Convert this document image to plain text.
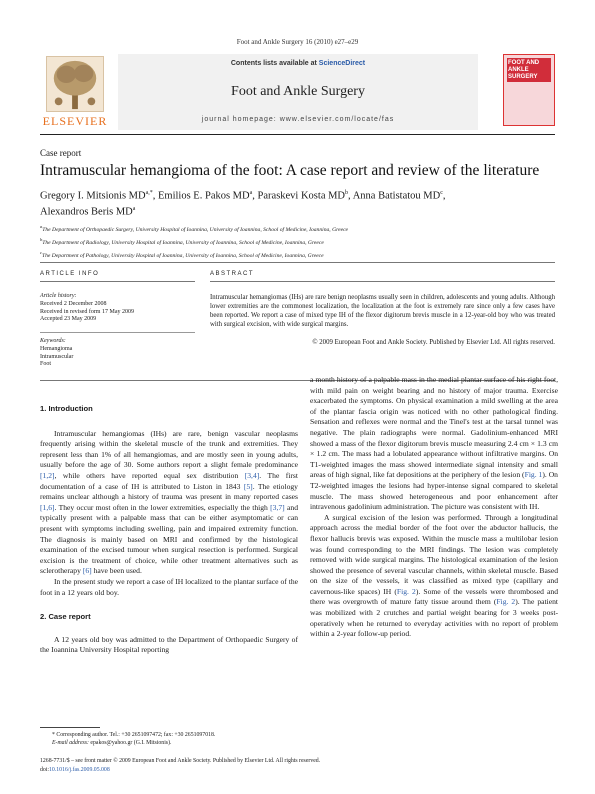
Foot and Ankle Surgery 16 (2010) e27–e29
ELSEVIER
Contents lists available at ScienceDirect
Foot and Ankle Surgery
journal homepage: www.elsevier.com/locate/fas
FOOT AND ANKLE SURGERY
Case report
Intramuscular hemangioma of the foot: A case report and review of the literature
Gregory I. Mitsionis $MD^{a,*}$, Emilios E. Pakos $MD^a$, Paraskevi Kosta $MD^b$, Anna Batistatou $MD^c$,
Alexandros Beris $MD^a$
$^a$The Department of Orthopaedic Surgery, University Hospital of Ioannina, University of Ioannina, School of Medicine, Ioannina, Greece
$^b$The Department of Radiology, University Hospital of Ioannina, University of Ioannina, School of Medicine, Ioannina, Greece
$^c$The Department of Pathology, University Hospital of Ioannina, University of Ioannina, School of Medicine, Ioannina, Greece
ARTICLE INFO	ABSTRACT
Article history:
Received 2 December 2008
Received in revised form 17 May 2009
Accepted 23 May 2009
Keywords:
Hemangioma
Intramuscular
Foot
Intramuscular hemangiomas (IHs) are rare benign neoplasms usually seen in children, adolescents and young adults. Although lower extremities are the commonest localization, the localization at the foot is extremely rare since only a few cases have been reported. We report a case of mixed type IH of the flexor digitorum brevis muscle in a 12-year-old boy who was treated with surgical excision, with wide surgical margins.
© 2009 European Foot and Ankle Society. Published by Elsevier Ltd. All rights reserved.
1. Introduction

Intramuscular hemangiomas (IHs) are rare, benign vascular neoplasms frequently arising within the skeletal muscle of the trunk and extremities. They represent less than 1% of all hemangiomas, and are mostly seen in young adults, usually before the age of 30. Some authors report a slight female predominance [1,2], while others have reported equal sex distribution [3,4]. The first documentation of a case of IH is attributed to Liston in 1843 [5]. The etiology remains unclear although a history of trauma was present in many reported cases [1,6]. They occur most often in the lower extremities, especially the thigh [3,7] and typically present with a palpable mass that can be either asymptomatic or can present with symptoms including swelling, pain and impaired extremity function. The diagnosis is mainly based on MRI and confirmed by the histological examination of the excised tumour when surgical resection is performed. Surgical excision is the treatment of choice, while other treatment alternatives such as sclerotherapy [6] have been used.

In the present study we report a case of IH localized to the plantar surface of the foot in a 12 years old boy.

2. Case report

A 12 years old boy was admitted to the Department of Orthopaedic Surgery of the Ioannina University Hospital reporting

a month history of a palpable mass in the medial plantar surface of his right foot, with mild pain on weight bearing and no history of major trauma. Exercise exacerbated the symptoms. On physical examination a mild swelling at the area of the plantar fascia origin was noticed with no other pathological finding. Sensation and reflexes were normal and the Tinel's test at the tarsal tunnel was negative. The plain radiographs were normal. Gadolinium-enhanced MRI showed a mass of the flexor digitorum brevis muscle measuring 2.4 cm × 1.3 cm × 1.2 cm. The mass had a lobulated appearance without infiltrative margins. On T1-weighted images the mass showed intermediate signal intensity and small areas of high signal, like fat depositions at the periphery of the lesion (Fig. 1). On T2-weighted images the lesions had hyper-intense signal compared to skeletal muscle. The mass showed heterogeneous and poor enhancement after intravenous gadolinium administration. The picture was consistent with IH.

A surgical excision of the lesion was performed. Through a longitudinal approach across the medial border of the foot over the abductor hallucis, the flexor hallucis brevis was exposed. Within the muscle mass a multilobar lesion was found corresponding to the MRI findings. The lesion was completely removed with wide surgical margins. The histological examination of the lesion showed the presence of several vascular channels, within skeletal muscle. Based on the size of the vessels, it was classified as mixed type (capillary and cavernous-like spaces) IH (Fig. 2). Some of the vessels were thrombosed and there was overgrowth of mature fatty tissue around them (Fig. 2). The patient was mobilized with 2 crutches and partial weight bearing for 3 weeks post-operatively when he returned to everyday activities with no report of problem within a 2-year follow-up period.

* Corresponding author. Tel.: +30 2651097472; fax: +30 2651097018.
E-mail address: epakos@yahoo.gr (G.I. Mitsionis).
1268-7731/$ – see front matter © 2009 European Foot and Ankle Society. Published by Elsevier Ltd. All rights reserved.
doi:10.1016/j.fas.2009.05.008
